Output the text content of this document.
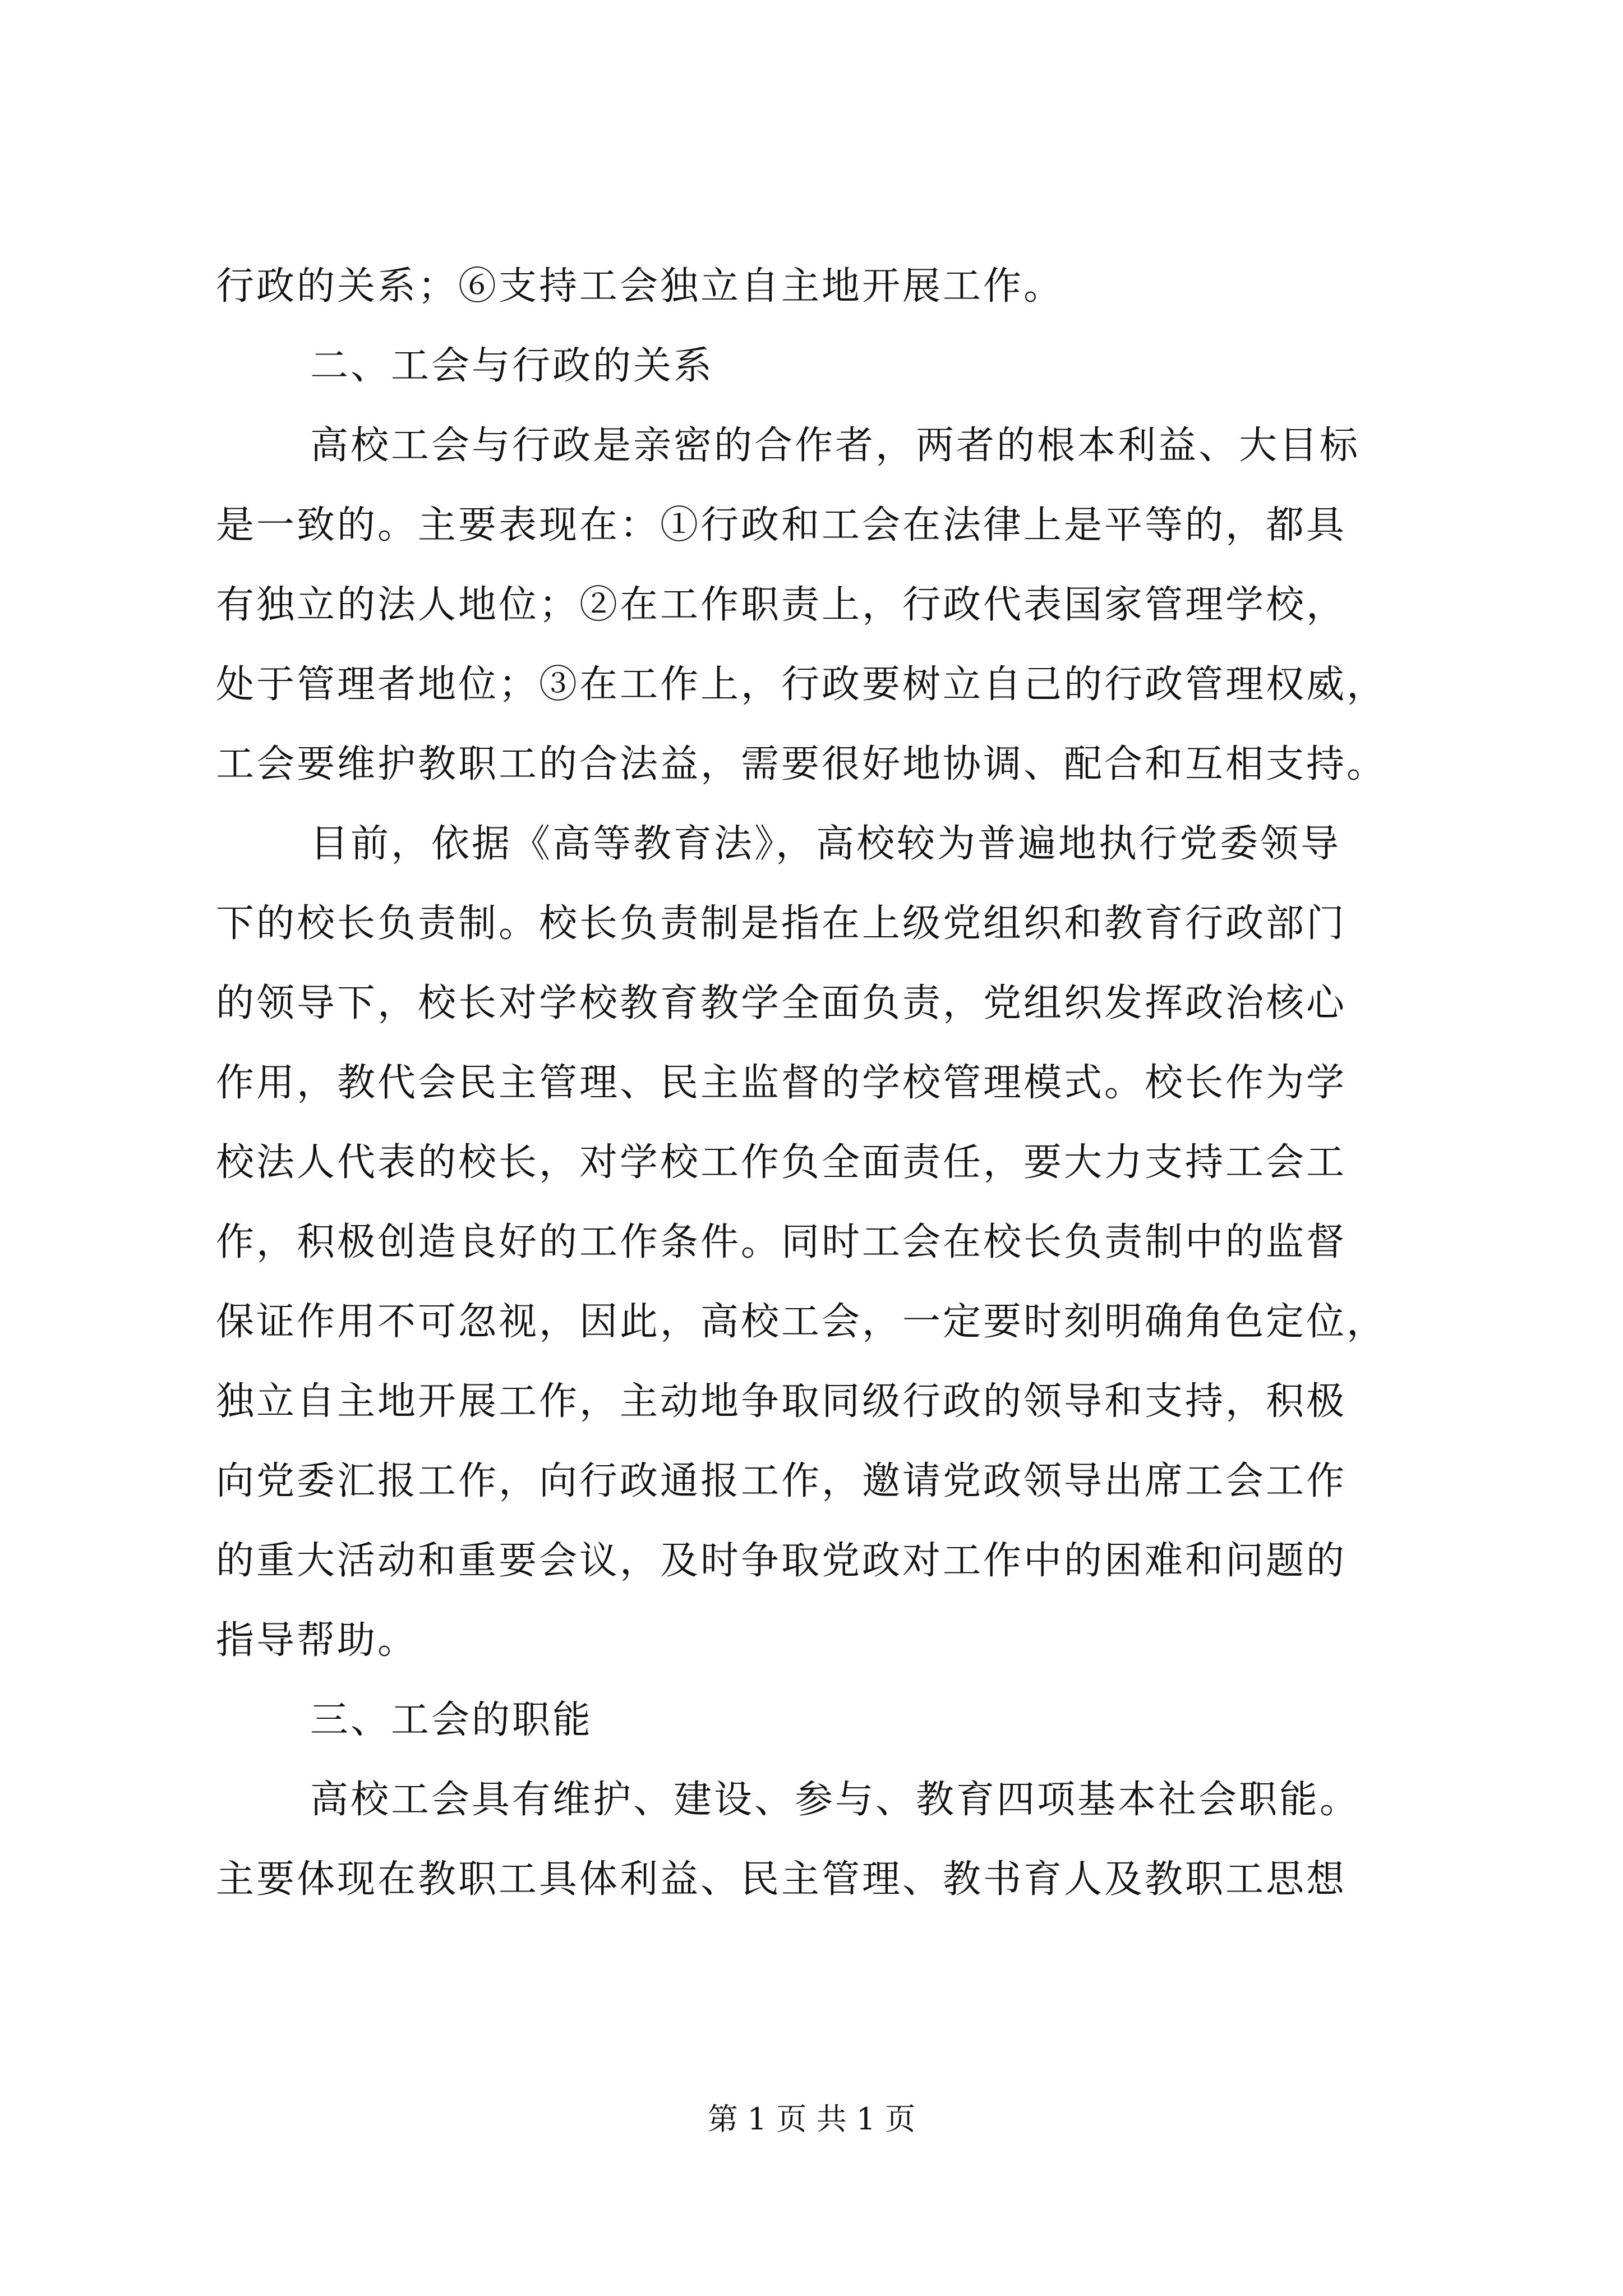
行政的关系；⑥支持工会独立自主地开展工作。
二、工会与行政的关系
高校工会与行政是亲密的合作者，两者的根本利益、大目标
是一致的。主要表现在：①行政和工会在法律上是平等的，都具
有独立的法人地位；②在工作职责上，行政代表国家管理学校，
处于管理者地位；③在工作上，行政要树立自己的行政管理权威，
工会要维护教职工的合法益，需要很好地协调、配合和互相支持。
目前，依据《高等教育法》，高校较为普遍地执行党委领导
下的校长负责制。校长负责制是指在上级党组织和教育行政部门
的领导下，校长对学校教育教学全面负责，党组织发挥政治核心
作用，教代会民主管理、民主监督的学校管理模式。校长作为学
校法人代表的校长，对学校工作负全面责任，要大力支持工会工
作，积极创造良好的工作条件。同时工会在校长负责制中的监督
保证作用不可忽视，因此，高校工会，一定要时刻明确角色定位，
独立自主地开展工作，主动地争取同级行政的领导和支持，积极
向党委汇报工作，向行政通报工作，邀请党政领导出席工会工作
的重大活动和重要会议，及时争取党政对工作中的困难和问题的
指导帮助。
三、工会的职能
高校工会具有维护、建设、参与、教育四项基本社会职能。
主要体现在教职工具体利益、民主管理、教书育人及教职工思想
第 1 页 共 1 页
